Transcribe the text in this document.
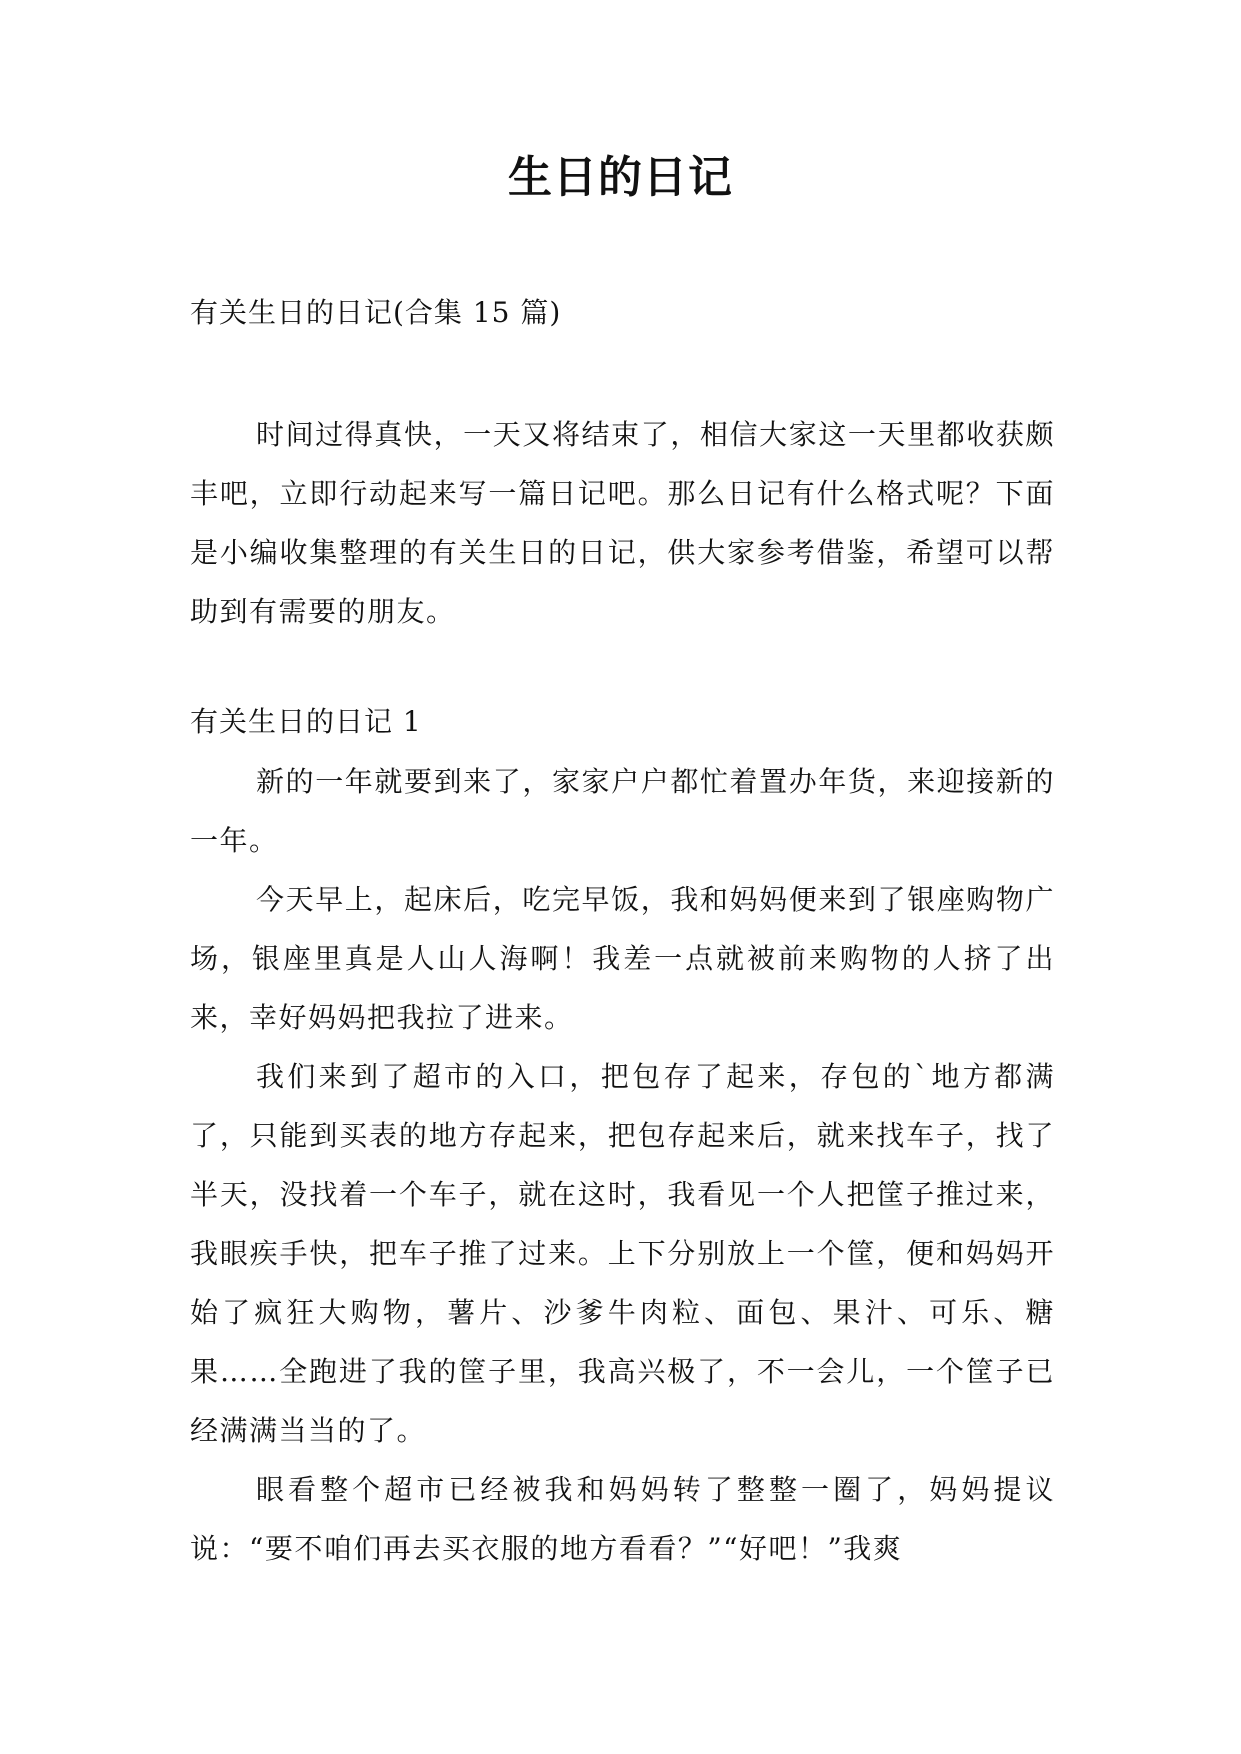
生日的日记
有关生日的日记(合集 15 篇)

时间过得真快，一天又将结束了，相信大家这一天里都收获颇丰吧，立即行动起来写一篇日记吧。那么日记有什么格式呢？下面是小编收集整理的有关生日的日记，供大家参考借鉴，希望可以帮助到有需要的朋友。

有关生日的日记 1

新的一年就要到来了，家家户户都忙着置办年货，来迎接新的一年。

今天早上，起床后，吃完早饭，我和妈妈便来到了银座购物广场，银座里真是人山人海啊！我差一点就被前来购物的人挤了出来，幸好妈妈把我拉了进来。

我们来到了超市的入口，把包存了起来，存包的`地方都满了，只能到买表的地方存起来，把包存起来后，就来找车子，找了半天，没找着一个车子，就在这时，我看见一个人把筐子推过来，我眼疾手快，把车子推了过来。上下分别放上一个筐，便和妈妈开始了疯狂大购物，薯片、沙爹牛肉粒、面包、果汁、可乐、糖果……全跑进了我的筐子里，我高兴极了，不一会儿，一个筐子已经满满当当的了。

眼看整个超市已经被我和妈妈转了整整一圈了，妈妈提议说：“要不咱们再去买衣服的地方看看？”“好吧！”我爽
